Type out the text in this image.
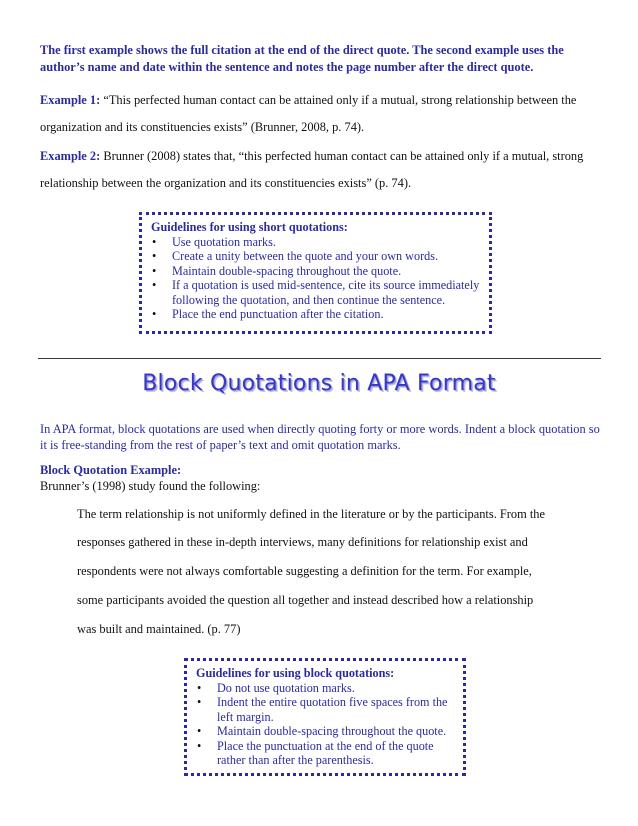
The first example shows the full citation at the end of the direct quote. The second example uses the author’s name and date within the sentence and notes the page number after the direct quote.

Example 1: “This perfected human contact can be attained only if a mutual, strong relationship between the

organization and its constituencies exists” (Brunner, 2008, p. 74).

Example 2: Brunner (2008) states that, “this perfected human contact can be attained only if a mutual, strong

relationship between the organization and its constituencies exists” (p. 74).

Guidelines for using short quotations:
• Use quotation marks.
• Create a unity between the quote and your own words.
• Maintain double-spacing throughout the quote.
• If a quotation is used mid-sentence, cite its source immediately following the quotation, and then continue the sentence.
• Place the end punctuation after the citation.
Block Quotations in APA Format

In APA format, block quotations are used when directly quoting forty or more words. Indent a block quotation so it is free-standing from the rest of paper’s text and omit quotation marks.

Block Quotation Example:

Brunner’s (1998) study found the following:

The term relationship is not uniformly defined in the literature or by the participants. From the

responses gathered in these in-depth interviews, many definitions for relationship exist and

respondents were not always comfortable suggesting a definition for the term. For example,

some participants avoided the question all together and instead described how a relationship

was built and maintained. (p. 77)

Guidelines for using block quotations:
• Do not use quotation marks.
• Indent the entire quotation five spaces from the left margin.
• Maintain double-spacing throughout the quote.
• Place the punctuation at the end of the quote rather than after the parenthesis.
